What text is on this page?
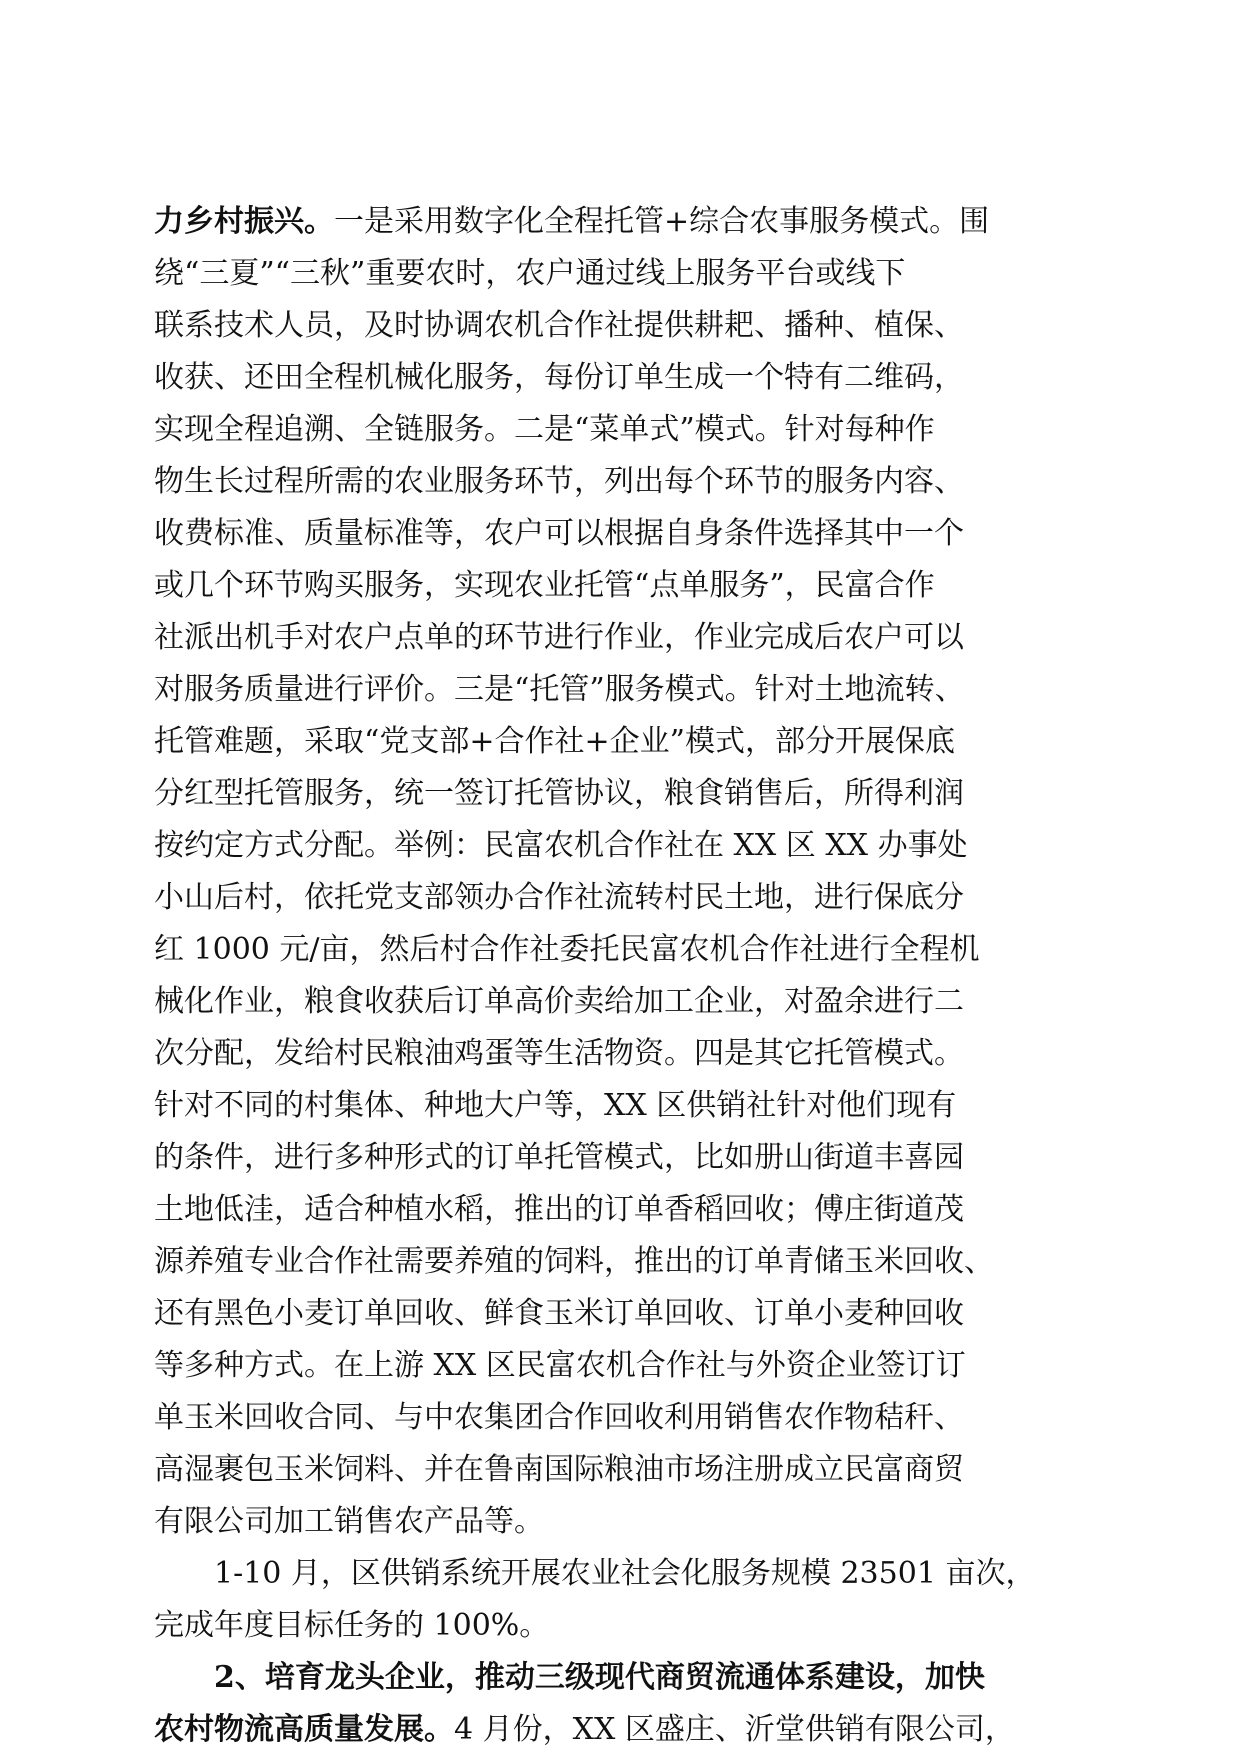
力乡村振兴。一是采用数字化全程托管+综合农事服务模式。围
绕“三夏”“三秋”重要农时，农户通过线上服务平台或线下
联系技术人员，及时协调农机合作社提供耕耙、播种、植保、
收获、还田全程机械化服务，每份订单生成一个特有二维码，
实现全程追溯、全链服务。二是“菜单式”模式。针对每种作
物生长过程所需的农业服务环节，列出每个环节的服务内容、
收费标准、质量标准等，农户可以根据自身条件选择其中一个
或几个环节购买服务，实现农业托管“点单服务”，民富合作
社派出机手对农户点单的环节进行作业，作业完成后农户可以
对服务质量进行评价。三是“托管”服务模式。针对土地流转、
托管难题，采取“党支部+合作社+企业”模式，部分开展保底
分红型托管服务，统一签订托管协议，粮食销售后，所得利润
按约定方式分配。举例：民富农机合作社在 XX 区 XX 办事处
小山后村，依托党支部领办合作社流转村民土地，进行保底分
红 1000 元/亩，然后村合作社委托民富农机合作社进行全程机
械化作业，粮食收获后订单高价卖给加工企业，对盈余进行二
次分配，发给村民粮油鸡蛋等生活物资。四是其它托管模式。
针对不同的村集体、种地大户等，XX 区供销社针对他们现有
的条件，进行多种形式的订单托管模式，比如册山街道丰喜园
土地低洼，适合种植水稻，推出的订单香稻回收；傅庄街道茂
源养殖专业合作社需要养殖的饲料，推出的订单青储玉米回收、
还有黑色小麦订单回收、鲜食玉米订单回收、订单小麦种回收
等多种方式。在上游 XX 区民富农机合作社与外资企业签订订
单玉米回收合同、与中农集团合作回收利用销售农作物秸秆、
高湿裹包玉米饲料、并在鲁南国际粮油市场注册成立民富商贸
有限公司加工销售农产品等。
1-10 月，区供销系统开展农业社会化服务规模 23501 亩次，
完成年度目标任务的 100%。
2、培育龙头企业，推动三级现代商贸流通体系建设，加快
农村物流高质量发展。4 月份，XX 区盛庄、沂堂供销有限公司，
